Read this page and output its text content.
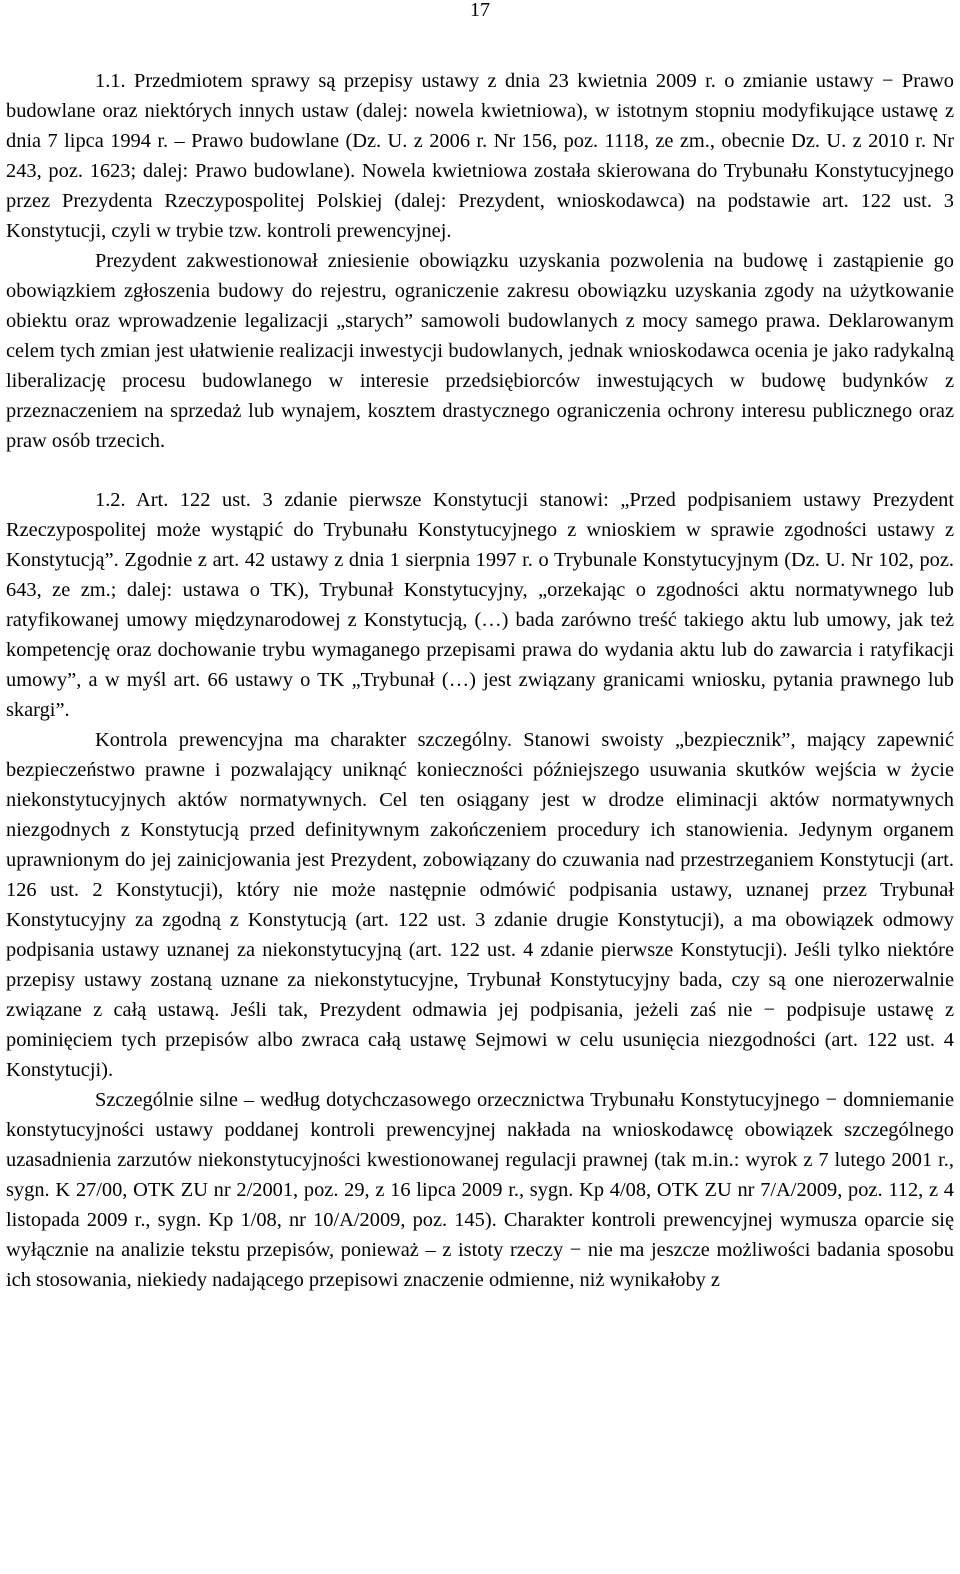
17

1.1. Przedmiotem sprawy są przepisy ustawy z dnia 23 kwietnia 2009 r. o zmianie ustawy − Prawo budowlane oraz niektórych innych ustaw (dalej: nowela kwietniowa), w istotnym stopniu modyfikujące ustawę z dnia 7 lipca 1994 r. – Prawo budowlane (Dz. U. z 2006 r. Nr 156, poz. 1118, ze zm., obecnie Dz. U. z 2010 r. Nr 243, poz. 1623; dalej: Prawo budowlane). Nowela kwietniowa została skierowana do Trybunału Konstytucyjnego przez Prezydenta Rzeczypospolitej Polskiej (dalej: Prezydent, wnioskodawca) na podstawie art. 122 ust. 3 Konstytucji, czyli w trybie tzw. kontroli prewencyjnej.

Prezydent zakwestionował zniesienie obowiązku uzyskania pozwolenia na budowę i zastąpienie go obowiązkiem zgłoszenia budowy do rejestru, ograniczenie zakresu obowiązku uzyskania zgody na użytkowanie obiektu oraz wprowadzenie legalizacji „starych” samowoli budowlanych z mocy samego prawa. Deklarowanym celem tych zmian jest ułatwienie realizacji inwestycji budowlanych, jednak wnioskodawca ocenia je jako radykalną liberalizację procesu budowlanego w interesie przedsiębiorców inwestujących w budowę budynków z przeznaczeniem na sprzedaż lub wynajem, kosztem drastycznego ograniczenia ochrony interesu publicznego oraz praw osób trzecich.

1.2. Art. 122 ust. 3 zdanie pierwsze Konstytucji stanowi: „Przed podpisaniem ustawy Prezydent Rzeczypospolitej może wystąpić do Trybunału Konstytucyjnego z wnioskiem w sprawie zgodności ustawy z Konstytucją”. Zgodnie z art. 42 ustawy z dnia 1 sierpnia 1997 r. o Trybunale Konstytucyjnym (Dz. U. Nr 102, poz. 643, ze zm.; dalej: ustawa o TK), Trybunał Konstytucyjny, „orzekając o zgodności aktu normatywnego lub ratyfikowanej umowy międzynarodowej z Konstytucją, (…) bada zarówno treść takiego aktu lub umowy, jak też kompetencję oraz dochowanie trybu wymaganego przepisami prawa do wydania aktu lub do zawarcia i ratyfikacji umowy”, a w myśl art. 66 ustawy o TK „Trybunał (…) jest związany granicami wniosku, pytania prawnego lub skargi”.

Kontrola prewencyjna ma charakter szczególny. Stanowi swoisty „bezpiecznik”, mający zapewnić bezpieczeństwo prawne i pozwalający uniknąć konieczności późniejszego usuwania skutków wejścia w życie niekonstytucyjnych aktów normatywnych. Cel ten osiągany jest w drodze eliminacji aktów normatywnych niezgodnych z Konstytucją przed definitywnym zakończeniem procedury ich stanowienia. Jedynym organem uprawnionym do jej zainicjowania jest Prezydent, zobowiązany do czuwania nad przestrzeganiem Konstytucji (art. 126 ust. 2 Konstytucji), który nie może następnie odmówić podpisania ustawy, uznanej przez Trybunał Konstytucyjny za zgodną z Konstytucją (art. 122 ust. 3 zdanie drugie Konstytucji), a ma obowiązek odmowy podpisania ustawy uznanej za niekonstytucyjną (art. 122 ust. 4 zdanie pierwsze Konstytucji). Jeśli tylko niektóre przepisy ustawy zostaną uznane za niekonstytucyjne, Trybunał Konstytucyjny bada, czy są one nierozerwalnie związane z całą ustawą. Jeśli tak, Prezydent odmawia jej podpisania, jeżeli zaś nie − podpisuje ustawę z pominięciem tych przepisów albo zwraca całą ustawę Sejmowi w celu usunięcia niezgodności (art. 122 ust. 4 Konstytucji).

Szczególnie silne – według dotychczasowego orzecznictwa Trybunału Konstytucyjnego − domniemanie konstytucyjności ustawy poddanej kontroli prewencyjnej nakłada na wnioskodawcę obowiązek szczególnego uzasadnienia zarzutów niekonstytucyjności kwestionowanej regulacji prawnej (tak m.in.: wyrok z 7 lutego 2001 r., sygn. K 27/00, OTK ZU nr 2/2001, poz. 29, z 16 lipca 2009 r., sygn. Kp 4/08, OTK ZU nr 7/A/2009, poz. 112, z 4 listopada 2009 r., sygn. Kp 1/08, nr 10/A/2009, poz. 145). Charakter kontroli prewencyjnej wymusza oparcie się wyłącznie na analizie tekstu przepisów, ponieważ – z istoty rzeczy − nie ma jeszcze możliwości badania sposobu ich stosowania, niekiedy nadającego przepisowi znaczenie odmienne, niż wynikałoby z
